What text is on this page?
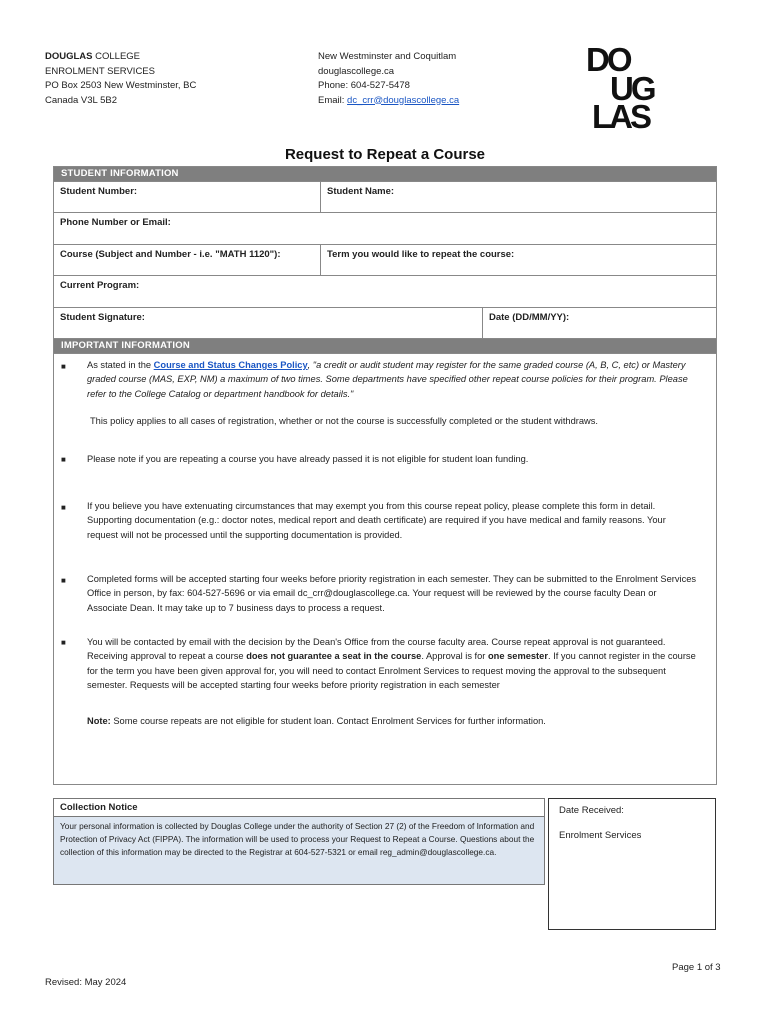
DOUGLAS COLLEGE
ENROLMENT SERVICES
PO Box 2503 New Westminster, BC
Canada V3L 5B2
New Westminster and Coquitlam
douglascollege.ca
Phone: 604-527-5478
Email: dc_crr@douglascollege.ca
DO
UG
LAS
Request to Repeat a Course
STUDENT INFORMATION
Student Number:	Student Name:
Phone Number or Email:
Course (Subject and Number - i.e. "MATH 1120"):	Term you would like to repeat the course:
Current Program:
Student Signature:	Date (DD/MM/YY):
IMPORTANT INFORMATION
■ As stated in the Course and Status Changes Policy, "a credit or audit student may register for the same graded course (A, B, C, etc) or Mastery graded course (MAS, EXP, NM) a maximum of two times. Some departments have specified other repeat course policies for their program. Please refer to the College Catalog or department handbook for details."
This policy applies to all cases of registration, whether or not the course is successfully completed or the student withdraws.
■ Please note if you are repeating a course you have already passed it is not eligible for student loan funding.
■ If you believe you have extenuating circumstances that may exempt you from this course repeat policy, please complete this form in detail. Supporting documentation (e.g.: doctor notes, medical report and death certificate) are required if you have medical and family reasons. Your request will not be processed until the supporting documentation is provided.
■ Completed forms will be accepted starting four weeks before priority registration in each semester. They can be submitted to the Enrolment Services Office in person, by fax: 604-527-5696 or via email dc_crr@douglascollege.ca. Your request will be reviewed by the course faculty Dean or Associate Dean. It may take up to 7 business days to process a request.
■ You will be contacted by email with the decision by the Dean's Office from the course faculty area. Course repeat approval is not guaranteed. Receiving approval to repeat a course does not guarantee a seat in the course. Approval is for one semester. If you cannot register in the course for the term you have been given approval for, you will need to contact Enrolment Services to request moving the approval to the subsequent semester. Requests will be accepted starting four weeks before priority registration in each semester
Note: Some course repeats are not eligible for student loan. Contact Enrolment Services for further information.
Collection Notice
Your personal information is collected by Douglas College under the authority of Section 27 (2) of the Freedom of Information and Protection of Privacy Act (FIPPA). The information will be used to process your Request to Repeat a Course. Questions about the collection of this information may be directed to the Registrar at 604-527-5321 or email reg_admin@douglascollege.ca.
Date Received:
Enrolment Services
Page 1 of 3
Revised: May 2024
